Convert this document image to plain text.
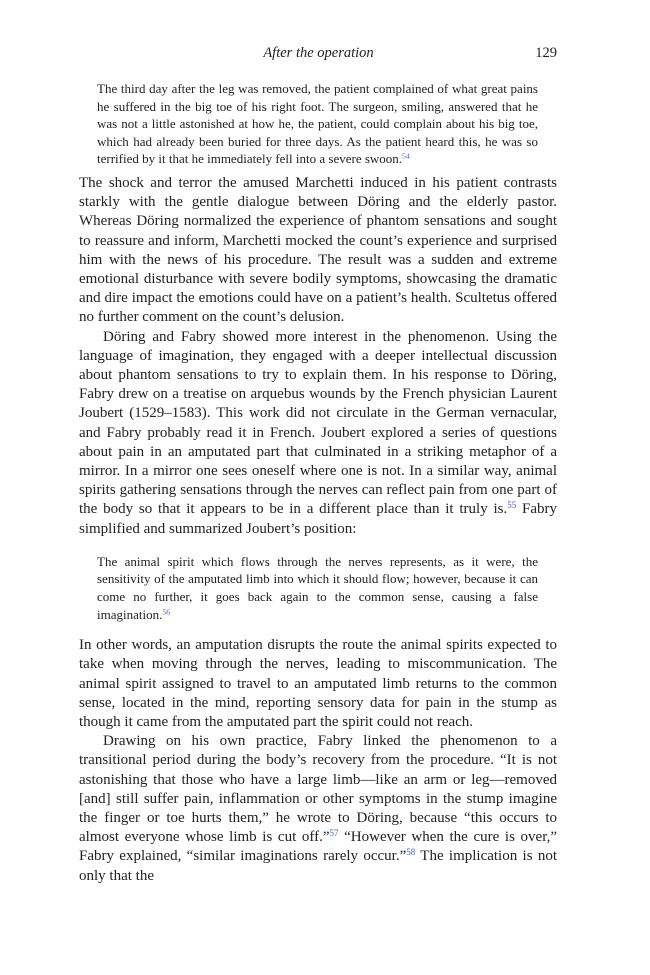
After the operation	129

The third day after the leg was removed, the patient complained of what great pains he suffered in the big toe of his right foot. The surgeon, smiling, answered that he was not a little astonished at how he, the patient, could complain about his big toe, which had already been buried for three days. As the patient heard this, he was so terrified by it that he immediately fell into a severe swoon.$^{54}$

The shock and terror the amused Marchetti induced in his patient contrasts starkly with the gentle dialogue between Döring and the elderly pastor. Whereas Döring normalized the experience of phantom sensations and sought to reassure and inform, Marchetti mocked the count’s experience and surprised him with the news of his procedure. The result was a sudden and extreme emotional disturbance with severe bodily symptoms, showcasing the dramatic and dire impact the emotions could have on a patient’s health. Scultetus offered no further comment on the count’s delusion.

Döring and Fabry showed more interest in the phenomenon. Using the language of imagination, they engaged with a deeper intellectual discussion about phantom sensations to try to explain them. In his response to Döring, Fabry drew on a treatise on arquebus wounds by the French physician Laurent Joubert (1529–1583). This work did not circulate in the German vernacular, and Fabry probably read it in French. Joubert explored a series of questions about pain in an amputated part that culminated in a striking metaphor of a mirror. In a mirror one sees oneself where one is not. In a similar way, animal spirits gathering sensations through the nerves can reflect pain from one part of the body so that it appears to be in a different place than it truly is.$^{55}$ Fabry simplified and summarized Joubert’s position:

The animal spirit which flows through the nerves represents, as it were, the sensitivity of the amputated limb into which it should flow; however, because it can come no further, it goes back again to the common sense, causing a false imagination.$^{56}$

In other words, an amputation disrupts the route the animal spirits expected to take when moving through the nerves, leading to miscommunication. The animal spirit assigned to travel to an amputated limb returns to the common sense, located in the mind, reporting sensory data for pain in the stump as though it came from the amputated part the spirit could not reach.

Drawing on his own practice, Fabry linked the phenomenon to a transitional period during the body’s recovery from the procedure. “It is not astonishing that those who have a large limb—like an arm or leg—removed [and] still suffer pain, inflammation or other symptoms in the stump imagine the finger or toe hurts them,” he wrote to Döring, because “this occurs to almost everyone whose limb is cut off.”$^{57}$ “However when the cure is over,” Fabry explained, “similar imaginations rarely occur.”$^{58}$ The implication is not only that the
